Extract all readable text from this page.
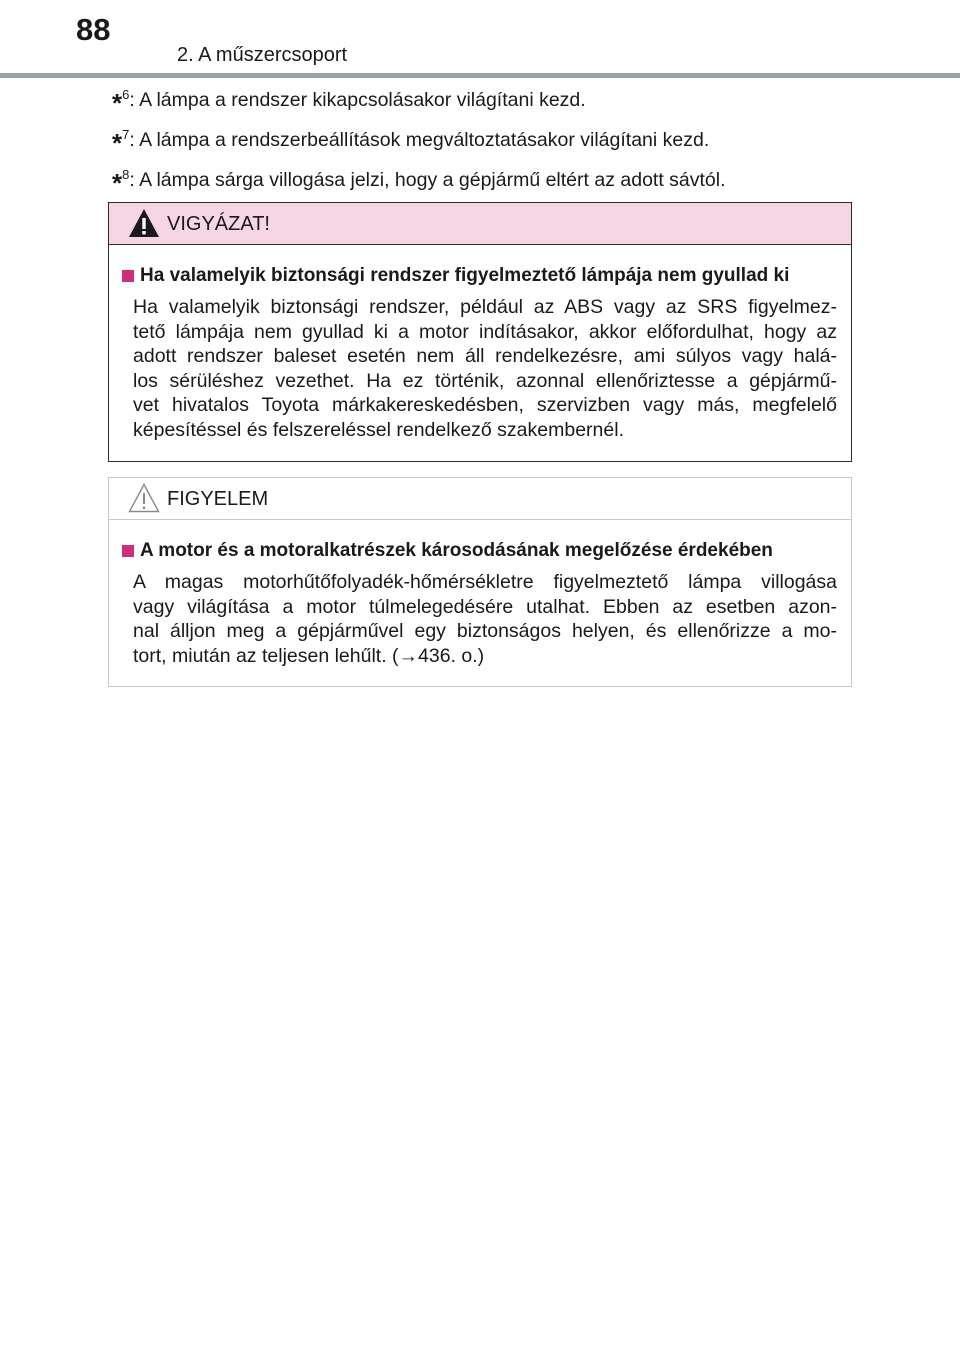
88
2. A műszercsoport
*$^6$: A lámpa a rendszer kikapcsolásakor világítani kezd.
*$^7$: A lámpa a rendszerbeállítások megváltoztatásakor világítani kezd.
*$^8$: A lámpa sárga villogása jelzi, hogy a gépjármű eltért az adott sávtól.
VIGYÁZAT!
Ha valamelyik biztonsági rendszer figyelmeztető lámpája nem gyullad ki
Ha valamelyik biztonsági rendszer, például az ABS vagy az SRS figyelmez-
tető lámpája nem gyullad ki a motor indításakor, akkor előfordulhat, hogy az
adott rendszer baleset esetén nem áll rendelkezésre, ami súlyos vagy halá-
los sérüléshez vezethet. Ha ez történik, azonnal ellenőriztesse a gépjármű-
vet hivatalos Toyota márkakereskedésben, szervizben vagy más, megfelelő
képesítéssel és felszereléssel rendelkező szakembernél.
FIGYELEM
A motor és a motoralkatrészek károsodásának megelőzése érdekében
A magas motorhűtőfolyadék-hőmérsékletre figyelmeztető lámpa villogása
vagy világítása a motor túlmelegedésére utalhat. Ebben az esetben azon-
nal álljon meg a gépjárművel egy biztonságos helyen, és ellenőrizze a mo-
tort, miután az teljesen lehűlt. (→436. o.)
